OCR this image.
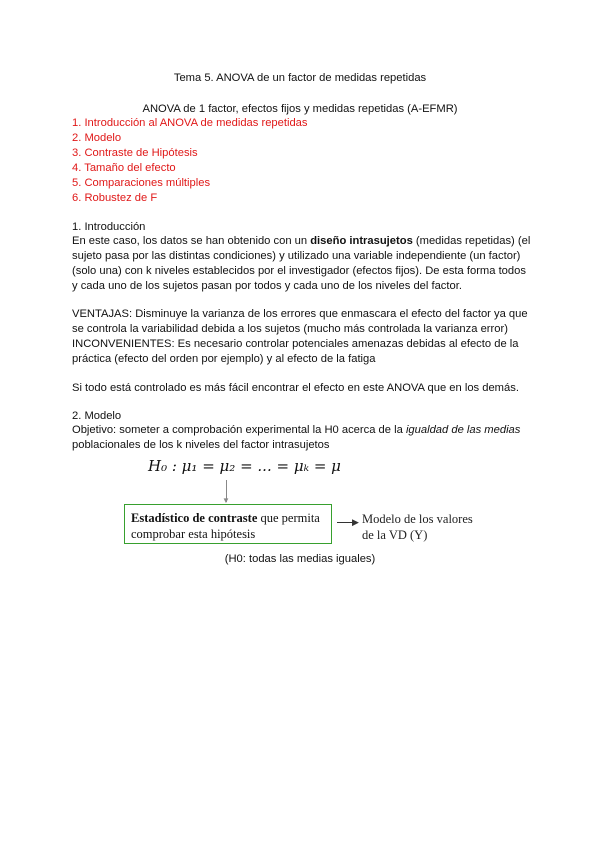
Tema 5. ANOVA de un factor de medidas repetidas
ANOVA de 1 factor, efectos fijos y medidas repetidas (A-EFMR)
1. Introducción al ANOVA de medidas repetidas
2. Modelo
3. Contraste de Hipótesis
4. Tamaño del efecto
5. Comparaciones múltiples
6. Robustez de F
1. Introducción

En este caso, los datos se han obtenido con un diseño intrasujetos (medidas repetidas) (el sujeto pasa por las distintas condiciones) y utilizado una variable independiente (un factor) (solo una) con k niveles establecidos por el investigador (efectos fijos). De esta forma todos y cada uno de los sujetos pasan por todos y cada uno de los niveles del factor.

VENTAJAS: Disminuye la varianza de los errores que enmascara el efecto del factor ya que se controla la variabilidad debida a los sujetos (mucho más controlada la varianza error)
INCONVENIENTES: Es necesario controlar potenciales amenazas debidas al efecto de la práctica (efecto del orden por ejemplo) y al efecto de la fatiga
Si todo está controlado es más fácil encontrar el efecto en este ANOVA que en los demás.
2. Modelo

Objetivo: someter a comprobación experimental la H0 acerca de la igualdad de las medias poblacionales de los k niveles del factor intrasujetos

H₀ : μ₁ = μ₂ = ... = μₖ = μ
▼
Estadístico de contraste que permita comprobar esta hipótesis
▶ Modelo de los valores
de la VD (Y)
(H0: todas las medias iguales)
